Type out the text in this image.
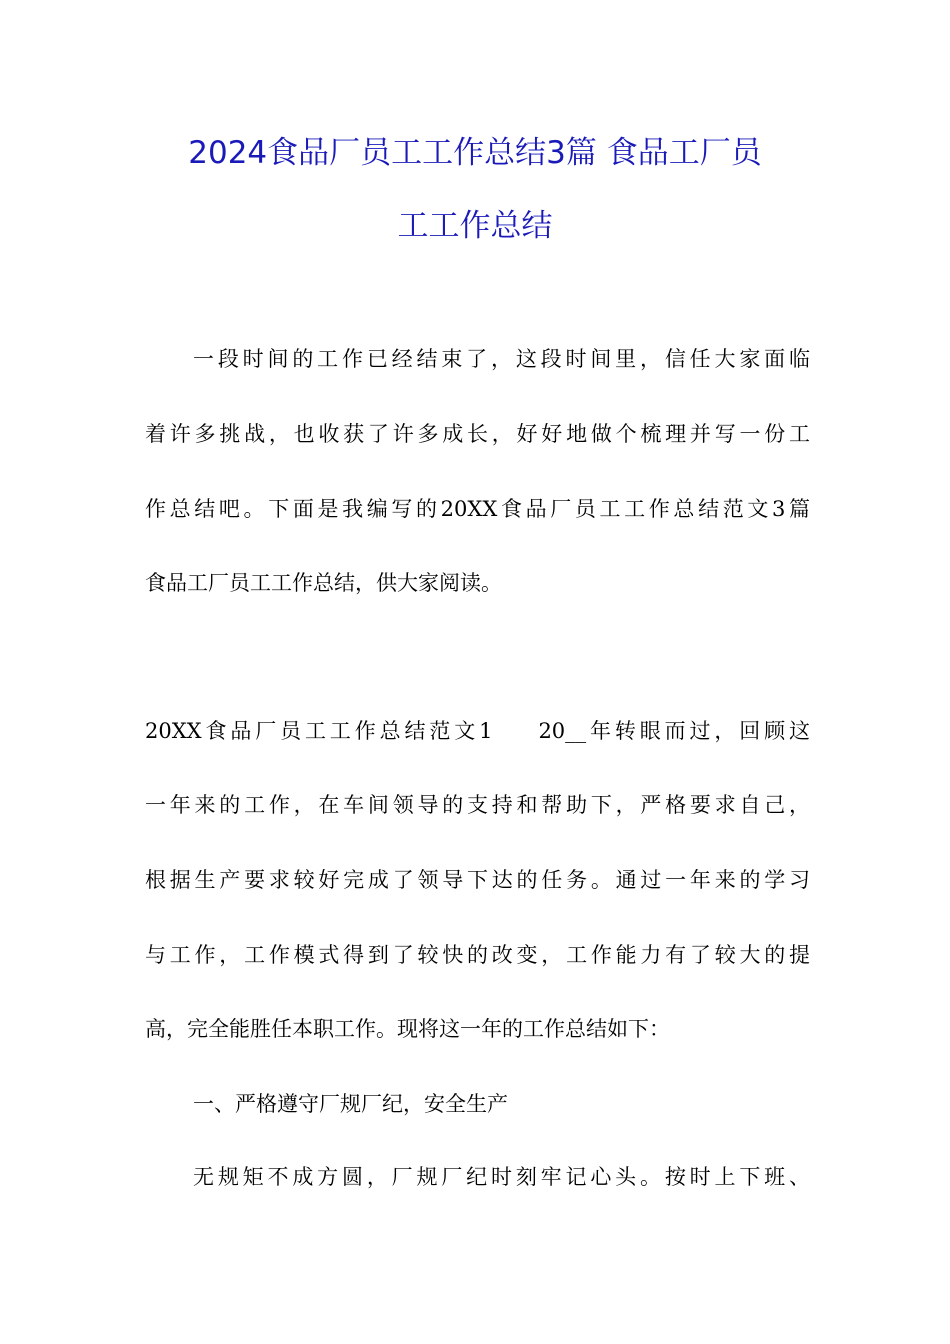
2024食品厂员工工作总结3篇 食品工厂员
工工作总结
一段时间的工作已经结束了，这段时间里，信任大家面临
着许多挑战，也收获了许多成长，好好地做个梳理并写一份工
作总结吧。下面是我编写的20XX食品厂员工工作总结范文3篇
食品工厂员工工作总结，供大家阅读。
20XX食品厂员工工作总结范文1 20__年转眼而过，回顾这
一年来的工作，在车间领导的支持和帮助下，严格要求自己，
根据生产要求较好完成了领导下达的任务。通过一年来的学习
与工作，工作模式得到了较快的改变，工作能力有了较大的提
高，完全能胜任本职工作。现将这一年的工作总结如下：
一、严格遵守厂规厂纪，安全生产
无规矩不成方圆，厂规厂纪时刻牢记心头。按时上下班、
